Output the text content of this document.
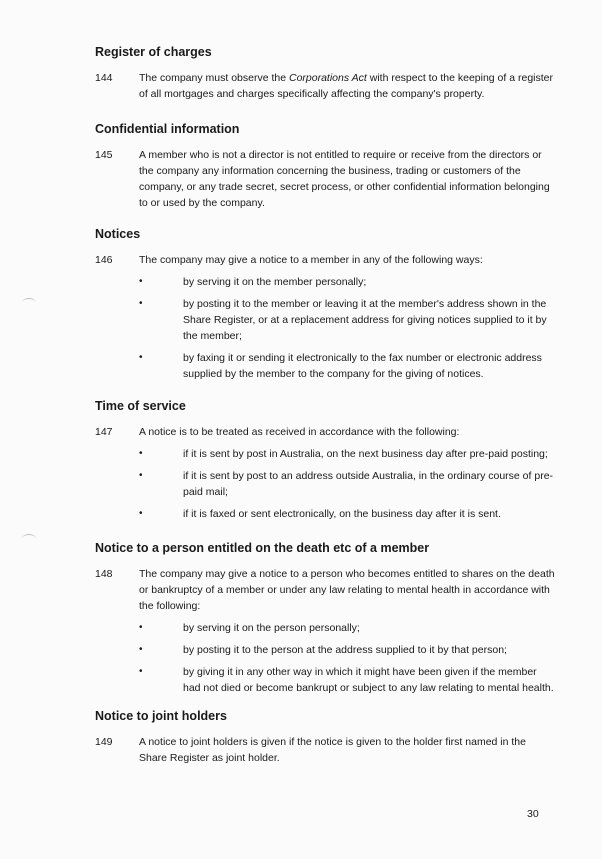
Register of charges
144	The company must observe the Corporations Act with respect to the keeping of a register of all mortgages and charges specifically affecting the company's property.
Confidential information
145	A member who is not a director is not entitled to require or receive from the directors or the company any information concerning the business, trading or customers of the company, or any trade secret, secret process, or other confidential information belonging to or used by the company.
Notices
146	The company may give a notice to a member in any of the following ways:
•	by serving it on the member personally;
•	by posting it to the member or leaving it at the member's address shown in the Share Register, or at a replacement address for giving notices supplied to it by the member;
•	by faxing it or sending it electronically to the fax number or electronic address supplied by the member to the company for the giving of notices.
Time of service
147	A notice is to be treated as received in accordance with the following:
•	if it is sent by post in Australia, on the next business day after pre-paid posting;
•	if it is sent by post to an address outside Australia, in the ordinary course of pre-paid mail;
•	if it is faxed or sent electronically, on the business day after it is sent.
Notice to a person entitled on the death etc of a member
148	The company may give a notice to a person who becomes entitled to shares on the death or bankruptcy of a member or under any law relating to mental health in accordance with the following:
•	by serving it on the person personally;
•	by posting it to the person at the address supplied to it by that person;
•	by giving it in any other way in which it might have been given if the member had not died or become bankrupt or subject to any law relating to mental health.
Notice to joint holders
149	A notice to joint holders is given if the notice is given to the holder first named in the Share Register as joint holder.
30
